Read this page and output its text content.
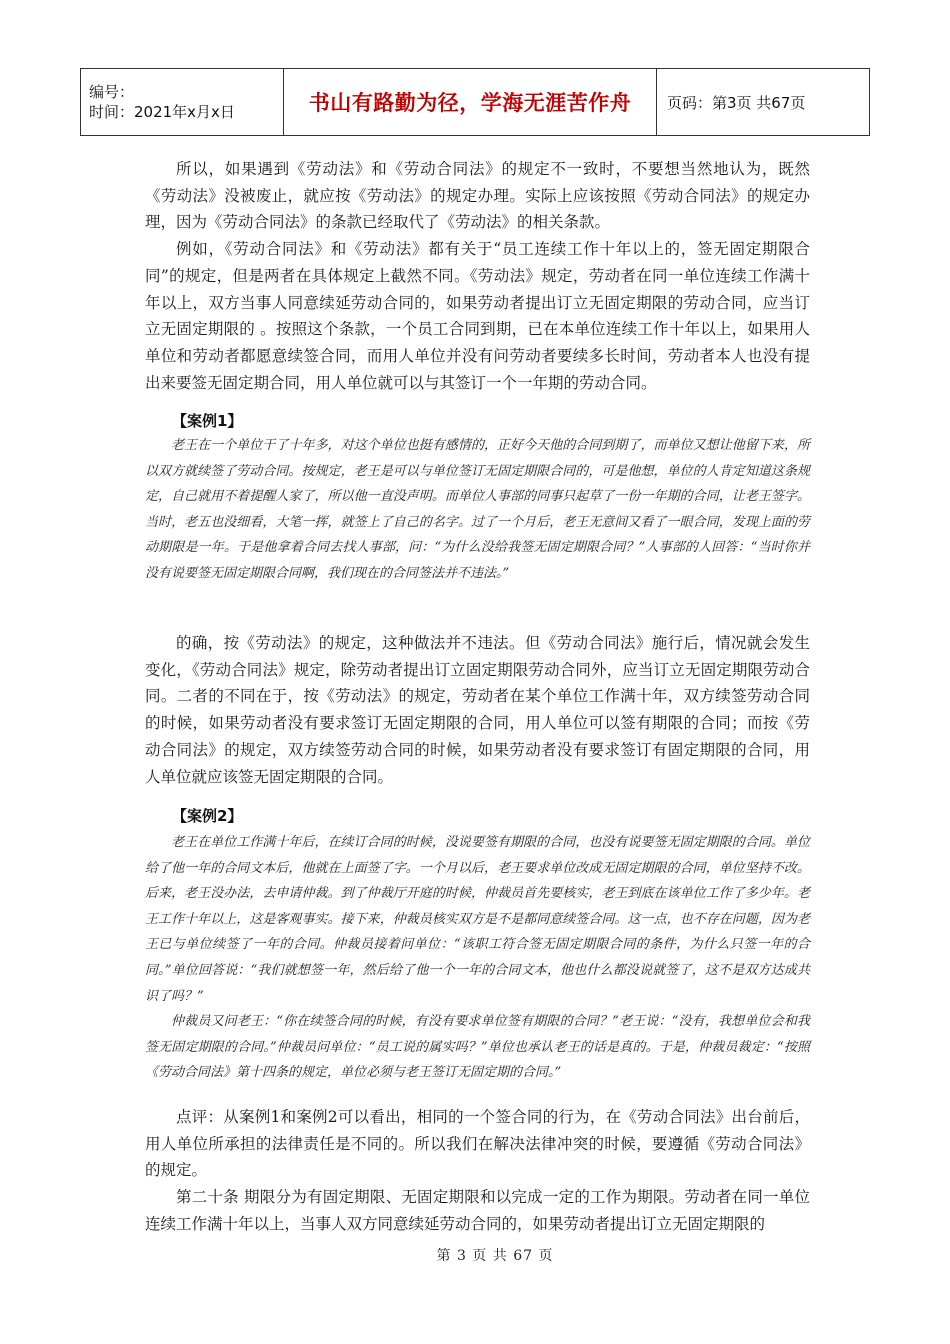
编号：
时间：2021年x月x日	书山有路勤为径，学海无涯苦作舟 页码：第3页 共67页

所以，如果遇到《劳动法》和《劳动合同法》的规定不一致时，不要想当然地认为，既然《劳动法》没被废止，就应按《劳动法》的规定办理。实际上应该按照《劳动合同法》的规定办理，因为《劳动合同法》的条款已经取代了《劳动法》的相关条款。

例如，《劳动合同法》和《劳动法》都有关于“员工连续工作十年以上的，签无固定期限合同”的规定，但是两者在具体规定上截然不同。《劳动法》规定，劳动者在同一单位连续工作满十年以上，双方当事人同意续延劳动合同的，如果劳动者提出订立无固定期限的劳动合同，应当订立无固定期限的 。按照这个条款，一个员工合同到期，已在本单位连续工作十年以上，如果用人单位和劳动者都愿意续签合同，而用人单位并没有问劳动者要续多长时间，劳动者本人也没有提出来要签无固定期合同，用人单位就可以与其签订一个一年期的劳动合同。

【案例1】

老王在一个单位干了十年多，对这个单位也挺有感情的，正好今天他的合同到期了，而单位又想让他留下来，所以双方就续签了劳动合同。按规定，老王是可以与单位签订无固定期限合同的，可是他想，单位的人肯定知道这条规定，自己就用不着提醒人家了，所以他一直没声明。而单位人事部的同事只起草了一份一年期的合同，让老王签字。当时，老五也没细看，大笔一挥，就签上了自己的名字。过了一个月后，老王无意间又看了一眼合同，发现上面的劳动期限是一年。于是他拿着合同去找人事部，问：“为什么没给我签无固定期限合同？”人事部的人回答：“当时你并没有说要签无固定期限合同啊，我们现在的合同签法并不违法。”

的确，按《劳动法》的规定，这种做法并不违法。但《劳动合同法》施行后，情况就会发生变化，《劳动合同法》规定，除劳动者提出订立固定期限劳动合同外，应当订立无固定期限劳动合同。二者的不同在于，按《劳动法》的规定，劳动者在某个单位工作满十年，双方续签劳动合同的时候，如果劳动者没有要求签订无固定期限的合同，用人单位可以签有期限的合同；而按《劳动合同法》的规定，双方续签劳动合同的时候，如果劳动者没有要求签订有固定期限的合同，用人单位就应该签无固定期限的合同。

【案例2】

老王在单位工作满十年后，在续订合同的时候，没说要签有期限的合同，也没有说要签无固定期限的合同。单位给了他一年的合同文本后，他就在上面签了字。一个月以后，老王要求单位改成无固定期限的合同，单位坚持不改。后来，老王没办法，去申请仲裁。到了仲裁厅开庭的时候，仲裁员首先要核实，老王到底在该单位工作了多少年。老王工作十年以上，这是客观事实。接下来，仲裁员核实双方是不是都同意续签合同。这一点，也不存在问题，因为老王已与单位续签了一年的合同。仲裁员接着问单位：“该职工符合签无固定期限合同的条件，为什么只签一年的合同。”单位回答说：“我们就想签一年，然后给了他一个一年的合同文本，他也什么都没说就签了，这不是双方达成共识了吗？”

仲裁员又问老王：“你在续签合同的时候，有没有要求单位签有期限的合同？”老王说：“没有，我想单位会和我签无固定期限的合同。”仲裁员问单位：“员工说的属实吗？”单位也承认老王的话是真的。于是，仲裁员裁定：“按照《劳动合同法》第十四条的规定，单位必须与老王签订无固定期的合同。”

点评：从案例1和案例2可以看出，相同的一个签合同的行为，在《劳动合同法》出台前后，用人单位所承担的法律责任是不同的。所以我们在解决法律冲突的时候，要遵循《劳动合同法》的规定。

第二十条 期限分为有固定期限、无固定期限和以完成一定的工作为期限。劳动者在同一单位连续工作满十年以上，当事人双方同意续延劳动合同的，如果劳动者提出订立无固定期限的

第 3 页 共 67 页
